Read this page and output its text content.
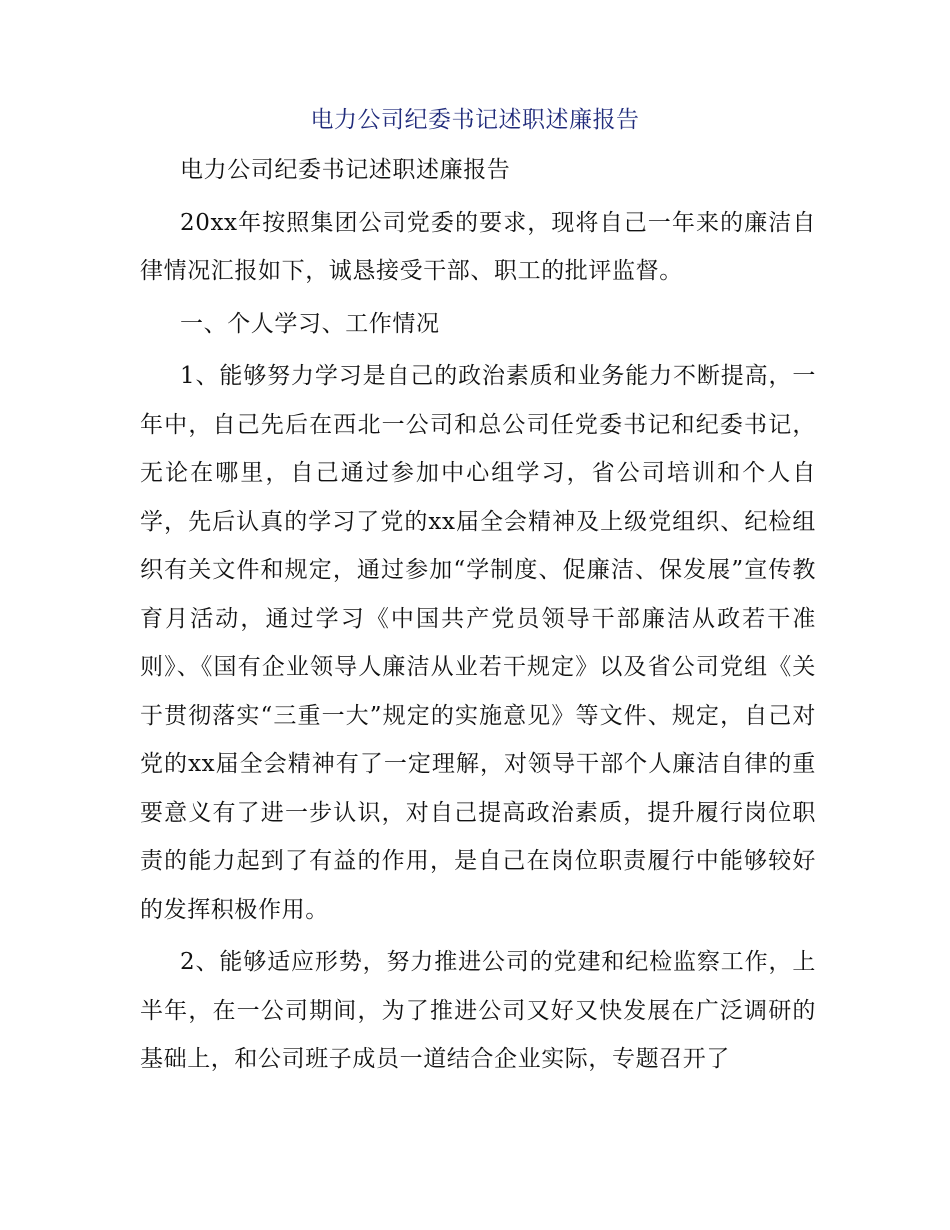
电力公司纪委书记述职述廉报告

电力公司纪委书记述职述廉报告

20xx年按照集团公司党委的要求，现将自己一年来的廉洁自律情况汇报如下，诚恳接受干部、职工的批评监督。

一、个人学习、工作情况

1、能够努力学习是自己的政治素质和业务能力不断提高，一年中，自己先后在西北一公司和总公司任党委书记和纪委书记，无论在哪里，自己通过参加中心组学习，省公司培训和个人自学，先后认真的学习了党的xx届全会精神及上级党组织、纪检组织有关文件和规定，通过参加“学制度、促廉洁、保发展”宣传教育月活动，通过学习《中国共产党员领导干部廉洁从政若干准则》、《国有企业领导人廉洁从业若干规定》以及省公司党组《关于贯彻落实“三重一大”规定的实施意见》等文件、规定，自己对党的xx届全会精神有了一定理解，对领导干部个人廉洁自律的重要意义有了进一步认识，对自己提高政治素质，提升履行岗位职责的能力起到了有益的作用，是自己在岗位职责履行中能够较好的发挥积极作用。

2、能够适应形势，努力推进公司的党建和纪检监察工作，上半年，在一公司期间，为了推进公司又好又快发展在广泛调研的基础上，和公司班子成员一道结合企业实际，专题召开了
